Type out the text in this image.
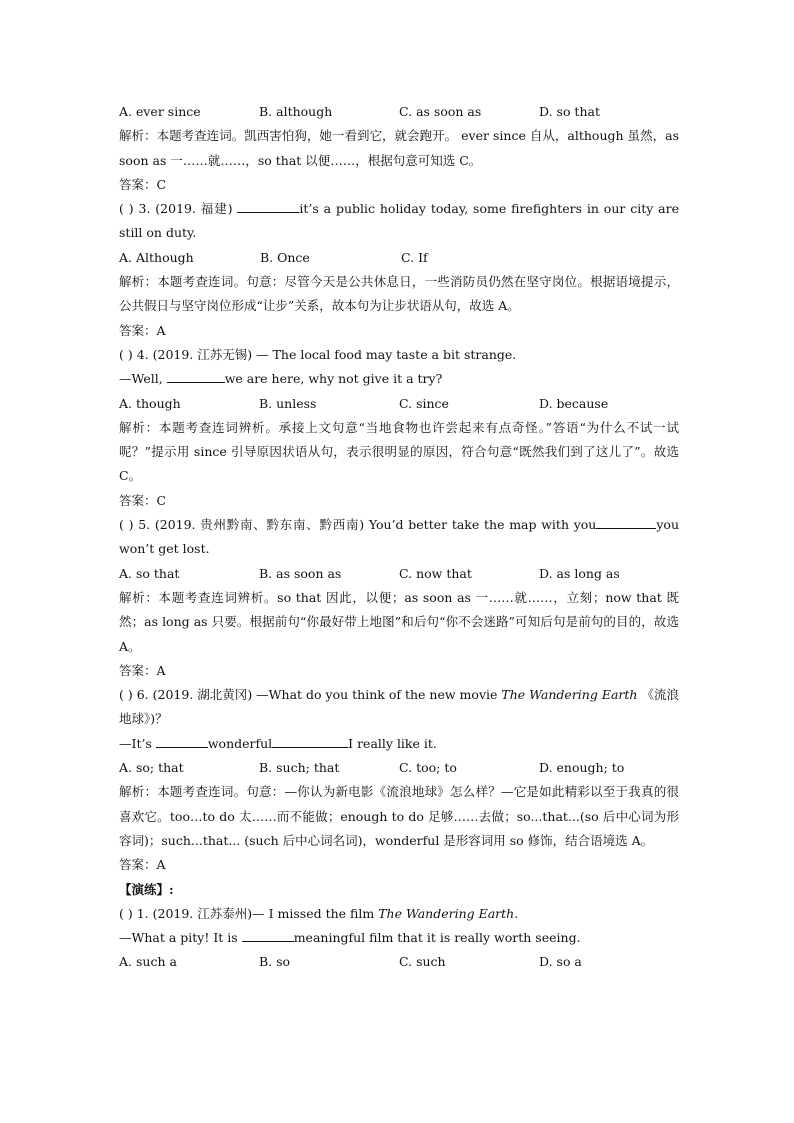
A. ever since	B. although	C. as soon as	D. so that
解析：本题考查连词。凯西害怕狗，她一看到它，就会跑开。 ever since 自从，although 虽然，as soon as 一……就……，so that 以便……，根据句意可知选 C。
答案：C
( ) 3. (2019. 福建)	it’s a public holiday today, some firefighters in our city are still on duty.
A. Although	B. Once	C. If
解析：本题考查连词。句意：尽管今天是公共休息日，一些消防员仍然在坚守岗位。根据语境提示，公共假日与坚守岗位形成“让步”关系，故本句为让步状语从句，故选 A。
答案：A
( ) 4. (2019. 江苏无锡) — The local food may taste a bit strange.
—Well,	we are here, why not give it a try?
A. though	B. unless	C. since	D. because
解析：本题考查连词辨析。承接上文句意“当地食物也许尝起来有点奇怪。”答语“为什么不试一试呢？”提示用 since 引导原因状语从句，表示很明显的原因，符合句意“既然我们到了这儿了”。故选 C。
答案：C
( ) 5. (2019. 贵州黔南、黔东南、黔西南) You’d better take the map with you	you won’t get lost.
A. so that	B. as soon as	C. now that	D. as long as
解析：本题考查连词辨析。so that 因此，以便；as soon as 一……就……，立刻；now that 既然；as long as 只要。根据前句“你最好带上地图”和后句“你不会迷路”可知后句是前句的目的，故选 A。
答案：A
( ) 6. (2019. 湖北黄冈) —What do you think of the new movie The Wandering Earth 《流浪地球》)？
—It’s	wonderful	I really like it.
A. so; that	B. such; that	C. too; to	D. enough; to
解析：本题考查连词。句意：—你认为新电影《流浪地球》怎么样？—它是如此精彩以至于我真的很喜欢它。too…to do 太……而不能做；enough to do 足够……去做；so...that...(so 后中心词为形容词)；such...that... (such 后中心词名词)，wonderful 是形容词用 so 修饰，结合语境选 A。
答案：A
【演练】:
( ) 1. (2019. 江苏泰州)— I missed the film The Wandering Earth.
—What a pity! It is	meaningful film that it is really worth seeing.
A. such a	B. so	C. such	D. so a
